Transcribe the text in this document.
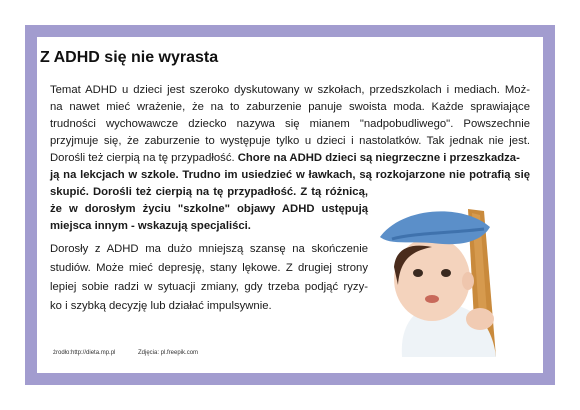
Z ADHD się nie wyrasta
Temat ADHD u dzieci jest szeroko dyskutowany w szkołach, przedszkolach i mediach. Moż-
na nawet mieć wrażenie, że na to zaburzenie panuje swoista moda. Każde sprawiające
trudności wychowawcze dziecko nazywa się mianem "nadpobudliwego". Powszechnie
przyjmuje się, że zaburzenie to występuje tylko u dzieci i nastolatków. Tak jednak nie jest.
Dorośli też cierpią na tę przypadłość. Chore na ADHD dzieci są niegrzeczne i przeszkadza-
ją na lekcjach w szkole. Trudno im usiedzieć w ławkach, są rozkojarzone nie potrafią się
skupić. Dorośli też cierpią na tę przypadłość. Z tą różnicą,
że w dorosłym życiu "szkolne" objawy ADHD ustępują
miejsca innym - wskazują specjaliści.
Dorosły z ADHD ma dużo mniejszą szansę na skończenie
studiów. Może mieć depresję, stany lękowe. Z drugiej strony
lepiej sobie radzi w sytuacji zmiany, gdy trzeba podjąć ryzy-
ko i szybką decyzję lub działać impulsywnie.
żrodło:http://dieta.mp.pl	Zdjęcia: pl.freepik.com
